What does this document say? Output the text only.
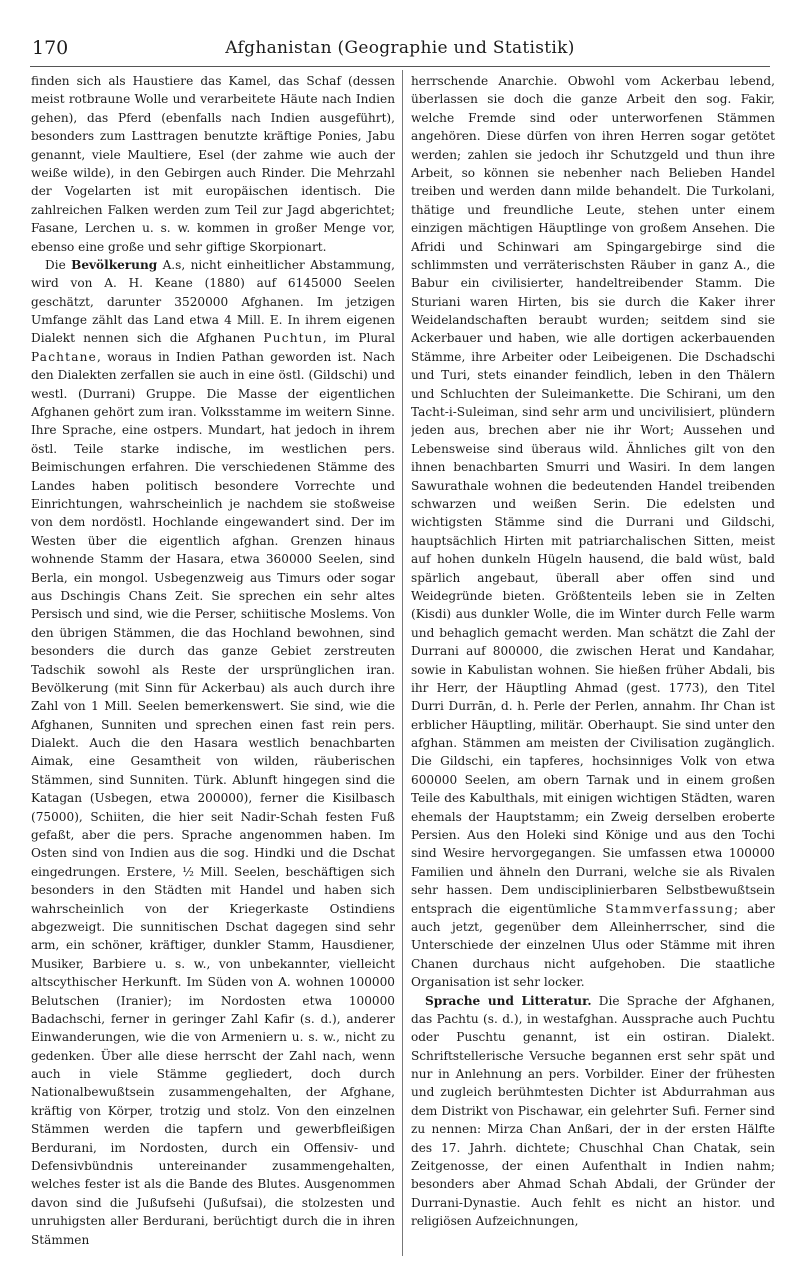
170	Afghanistan (Geographie und Statistik)

finden sich als Haustiere das Kamel, das Schaf (dessen meist rotbraune Wolle und verarbeitete Häute nach Indien gehen), das Pferd (ebenfalls nach Indien ausgeführt), besonders zum Lasttragen benutzte kräftige Ponies, Jabu genannt, viele Maultiere, Esel (der zahme wie auch der weiße wilde), in den Gebirgen auch Rinder. Die Mehrzahl der Vogelarten ist mit europäischen identisch. Die zahlreichen Falken werden zum Teil zur Jagd abgerichtet; Fasane, Lerchen u. s. w. kommen in großer Menge vor, ebenso eine große und sehr giftige Skorpionart.

Die Bevölkerung A.s, nicht einheitlicher Abstammung, wird von A. H. Keane (1880) auf 6145000 Seelen geschätzt, darunter 3520000 Afghanen. Im jetzigen Umfange zählt das Land etwa 4 Mill. E. In ihrem eigenen Dialekt nennen sich die Afghanen Puchtun, im Plural Pachtane, woraus in Indien Pathan geworden ist. Nach den Dialekten zerfallen sie auch in eine östl. (Gildschi) und westl. (Durrani) Gruppe. Die Masse der eigentlichen Afghanen gehört zum iran. Volksstamme im weitern Sinne. Ihre Sprache, eine ostpers. Mundart, hat jedoch in ihrem östl. Teile starke indische, im westlichen pers. Beimischungen erfahren. Die verschiedenen Stämme des Landes haben politisch besondere Vorrechte und Einrichtungen, wahrscheinlich je nachdem sie stoßweise von dem nordöstl. Hochlande eingewandert sind. Der im Westen über die eigentlich afghan. Grenzen hinaus wohnende Stamm der Hasara, etwa 360000 Seelen, sind Berla, ein mongol. Usbegenzweig aus Timurs oder sogar aus Dschingis Chans Zeit. Sie sprechen ein sehr altes Persisch und sind, wie die Perser, schiitische Moslems. Von den übrigen Stämmen, die das Hochland bewohnen, sind besonders die durch das ganze Gebiet zerstreuten Tadschik sowohl als Reste der ursprünglichen iran. Bevölkerung (mit Sinn für Ackerbau) als auch durch ihre Zahl von 1 Mill. Seelen bemerkenswert. Sie sind, wie die Afghanen, Sunniten und sprechen einen fast rein pers. Dialekt. Auch die den Hasara westlich benachbarten Aimak, eine Gesamtheit von wilden, räuberischen Stämmen, sind Sunniten. Türk. Ablunft hingegen sind die Katagan (Usbegen, etwa 200000), ferner die Kisilbasch (75000), Schiiten, die hier seit Nadir-Schah festen Fuß gefaßt, aber die pers. Sprache angenommen haben. Im Osten sind von Indien aus die sog. Hindki und die Dschat eingedrungen. Erstere, ½ Mill. Seelen, beschäftigen sich besonders in den Städten mit Handel und haben sich wahrscheinlich von der Kriegerkaste Ostindiens abgezweigt. Die sunnitischen Dschat dagegen sind sehr arm, ein schöner, kräftiger, dunkler Stamm, Hausdiener, Musiker, Barbiere u. s. w., von unbekannter, vielleicht altscythischer Herkunft. Im Süden von A. wohnen 100000 Belutschen (Iranier); im Nordosten etwa 100000 Badachschi, ferner in geringer Zahl Kafir (s. d.), anderer Einwanderungen, wie die von Armeniern u. s. w., nicht zu gedenken. Über alle diese herrscht der Zahl nach, wenn auch in viele Stämme gegliedert, doch durch Nationalbewußtsein zusammengehalten, der Afghane, kräftig von Körper, trotzig und stolz. Von den einzelnen Stämmen werden die tapfern und gewerbfleißigen Berdurani, im Nordosten, durch ein Offensiv- und Defensivbündnis untereinander zusammengehalten, welches fester ist als die Bande des Blutes. Ausgenommen davon sind die Jußufsehi (Jußufsai), die stolzesten und unruhigsten aller Berdurani, berüchtigt durch die in ihren Stämmen

herrschende Anarchie. Obwohl vom Ackerbau lebend, überlassen sie doch die ganze Arbeit den sog. Fakir, welche Fremde sind oder unterworfenen Stämmen angehören. Diese dürfen von ihren Herren sogar getötet werden; zahlen sie jedoch ihr Schutzgeld und thun ihre Arbeit, so können sie nebenher nach Belieben Handel treiben und werden dann milde behandelt. Die Turkolani, thätige und freundliche Leute, stehen unter einem einzigen mächtigen Häuptlinge von großem Ansehen. Die Afridi und Schinwari am Spingargebirge sind die schlimmsten und verräterischsten Räuber in ganz A., die Babur ein civilisierter, handeltreibender Stamm. Die Sturiani waren Hirten, bis sie durch die Kaker ihrer Weidelandschaften beraubt wurden; seitdem sind sie Ackerbauer und haben, wie alle dortigen ackerbauenden Stämme, ihre Arbeiter oder Leibeigenen. Die Dschadschi und Turi, stets einander feindlich, leben in den Thälern und Schluchten der Suleimankette. Die Schirani, um den Tacht-i-Suleiman, sind sehr arm und uncivilisiert, plündern jeden aus, brechen aber nie ihr Wort; Aussehen und Lebensweise sind überaus wild. Ähnliches gilt von den ihnen benachbarten Smurri und Wasiri. In dem langen Sawurathale wohnen die bedeutenden Handel treibenden schwarzen und weißen Serin. Die edelsten und wichtigsten Stämme sind die Durrani und Gildschi, hauptsächlich Hirten mit patriarchalischen Sitten, meist auf hohen dunkeln Hügeln hausend, die bald wüst, bald spärlich angebaut, überall aber offen sind und Weidegründe bieten. Größtenteils leben sie in Zelten (Kisdi) aus dunkler Wolle, die im Winter durch Felle warm und behaglich gemacht werden. Man schätzt die Zahl der Durrani auf 800000, die zwischen Herat und Kandahar, sowie in Kabulistan wohnen. Sie hießen früher Abdali, bis ihr Herr, der Häuptling Ahmad (gest. 1773), den Titel Durri Durrān, d. h. Perle der Perlen, annahm. Ihr Chan ist erblicher Häuptling, militär. Oberhaupt. Sie sind unter den afghan. Stämmen am meisten der Civilisation zugänglich. Die Gildschi, ein tapferes, hochsinniges Volk von etwa 600000 Seelen, am obern Tarnak und in einem großen Teile des Kabulthals, mit einigen wichtigen Städten, waren ehemals der Hauptstamm; ein Zweig derselben eroberte Persien. Aus den Holeki sind Könige und aus den Tochi sind Wesire hervorgegangen. Sie umfassen etwa 100000 Familien und ähneln den Durrani, welche sie als Rivalen sehr hassen. Dem undisciplinierbaren Selbstbewußtsein entsprach die eigentümliche Stammverfassung; aber auch jetzt, gegenüber dem Alleinherrscher, sind die Unterschiede der einzelnen Ulus oder Stämme mit ihren Chanen durchaus nicht aufgehoben. Die staatliche Organisation ist sehr locker.

Sprache und Litteratur. Die Sprache der Afghanen, das Pachtu (s. d.), in westafghan. Aussprache auch Puchtu oder Puschtu genannt, ist ein ostiran. Dialekt. Schriftstellerische Versuche begannen erst sehr spät und nur in Anlehnung an pers. Vorbilder. Einer der frühesten und zugleich berühmtesten Dichter ist Abdurrahman aus dem Distrikt von Pischawar, ein gelehrter Sufi. Ferner sind zu nennen: Mirza Chan Anßari, der in der ersten Hälfte des 17. Jahrh. dichtete; Chuschhal Chan Chatak, sein Zeitgenosse, der einen Aufenthalt in Indien nahm; besonders aber Ahmad Schah Abdali, der Gründer der Durrani-Dynastie. Auch fehlt es nicht an histor. und religiösen Aufzeichnungen,
